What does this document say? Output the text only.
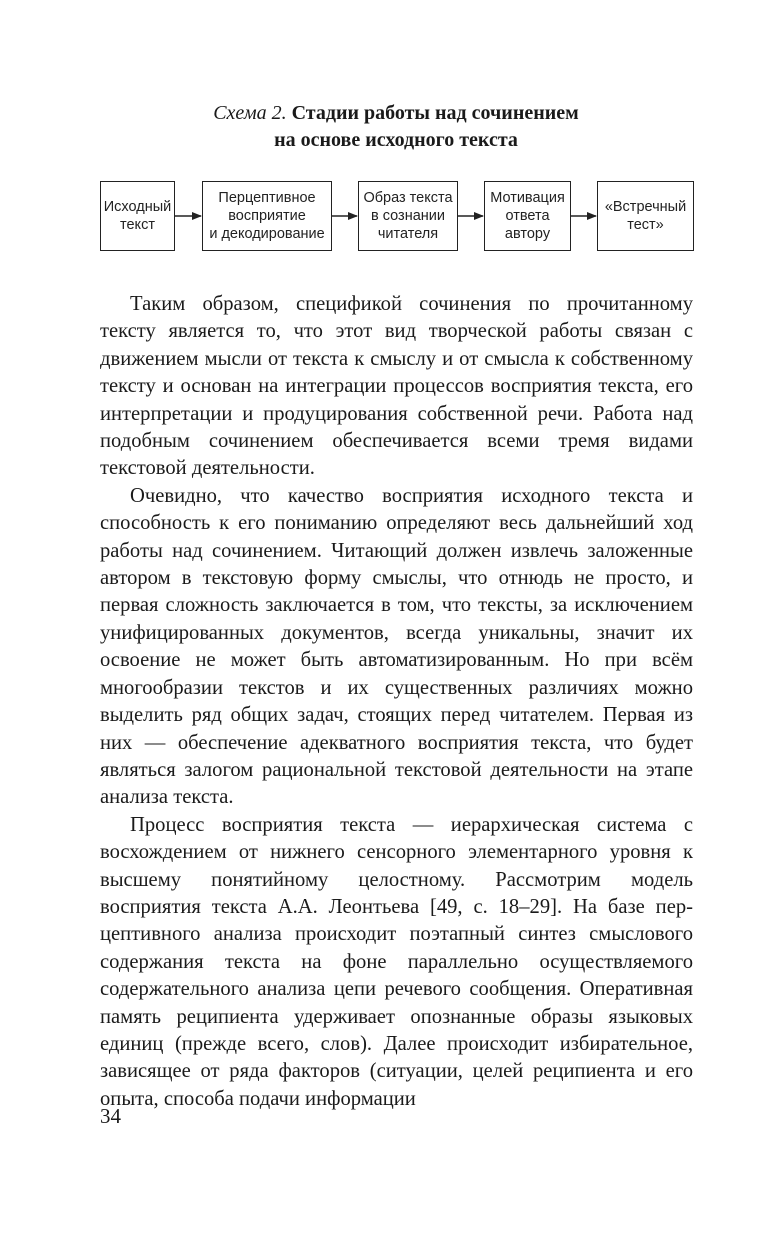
Схема 2. Стадии работы над сочинением
на основе исходного текста
Исходный
текст
Перцептивное
восприятие
и декодирование
Образ текста
в сознании
читателя
Мотивация
ответа
автору
«Встречный
тест»

Таким образом, спецификой сочинения по прочитанному тексту является то, что этот вид творческой работы связан с движением мысли от текста к смыслу и от смысла к собственному тексту и основан на интеграции процессов восприятия текста, его интерпретации и продуцирования собственной речи. Работа над подобным сочинением обеспечивается всеми тремя видами текстовой деятельности.

Очевидно, что качество восприятия исходного текста и способность к его пониманию определяют весь дальнейший ход работы над сочинением. Читающий должен извлечь заложенные автором в текстовую форму смыслы, что отнюдь не просто, и первая сложность заключается в том, что тексты, за исключением унифицированных документов, всегда уникальны, значит их освоение не может быть автоматизированным. Но при всём многообразии текстов и их существенных различиях можно выделить ряд общих задач, стоящих перед читателем. Первая из них — обеспечение адекватного восприятия текста, что будет являться залогом рациональной текстовой деятельности на этапе анализа текста.

Процесс восприятия текста — иерархическая система с восхождением от нижнего сенсорного элементарного уровня к высшему понятийному целостному. Рассмотрим модель восприятия текста А.А. Леонтьева [49, с. 18–29]. На базе перцептивного анализа происходит поэтапный синтез смыслового содержания текста на фоне параллельно осуществляемого содержательного анализа цепи речевого сообщения. Оперативная память реципиента удерживает опознанные образы языковых единиц (прежде всего, слов). Далее происходит избирательное, зависящее от ряда факторов (ситуации, целей реципиента и его опыта, способа подачи информации

34
